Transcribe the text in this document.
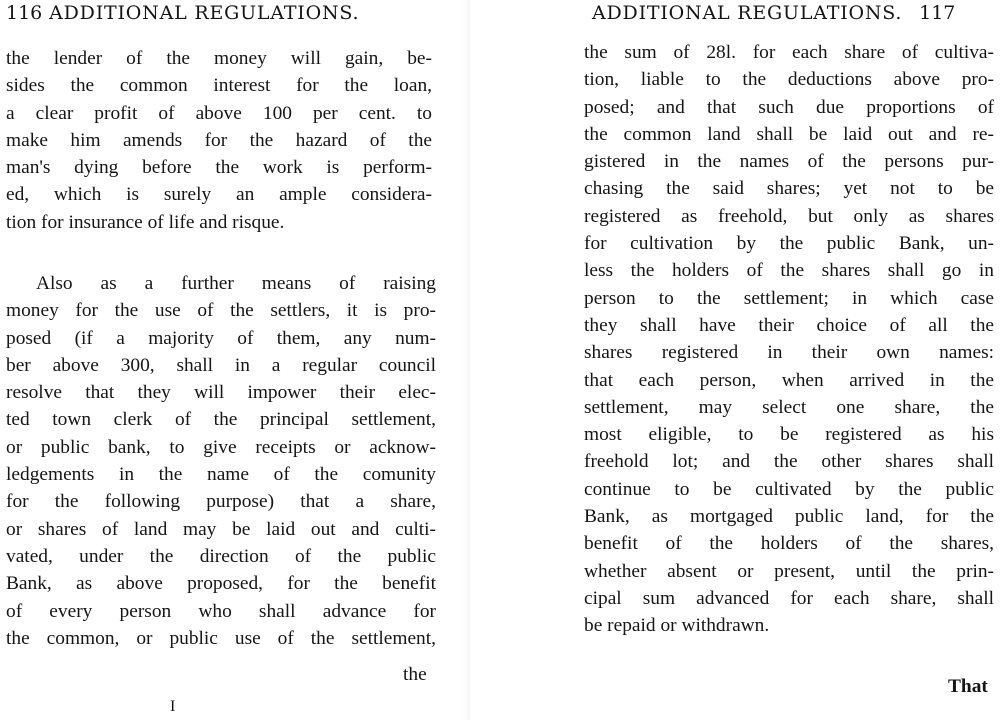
116 ADDITIONAL REGULATIONS.
the lender of the money will gain, be-
sides the common interest for the loan,
a clear profit of above 100 per cent. to
make him amends for the hazard of the
man's dying before the work is perform-
ed, which is surely an ample considera-
tion for insurance of life and risque.
Also as a further means of raising
money for the use of the settlers, it is pro-
posed (if a majority of them, any num-
ber above 300, shall in a regular council
resolve that they will impower their elec-
ted town clerk of the principal settlement,
or public bank, to give receipts or acknow-
ledgements in the name of the comunity
for the following purpose) that a share,
or shares of land may be laid out and culti-
vated, under the direction of the public
Bank, as above proposed, for the benefit
of every person who shall advance for
the common, or public use of the settlement,
the
I
ADDITIONAL REGULATIONS. 117
the sum of 28l. for each share of cultiva-
tion, liable to the deductions above pro-
posed; and that such due proportions of
the common land shall be laid out and re-
gistered in the names of the persons pur-
chasing the said shares; yet not to be
registered as freehold, but only as shares
for cultivation by the public Bank, un-
less the holders of the shares shall go in
person to the settlement; in which case
they shall have their choice of all the
shares registered in their own names:
that each person, when arrived in the
settlement, may select one share, the
most eligible, to be registered as his
freehold lot; and the other shares shall
continue to be cultivated by the public
Bank, as mortgaged public land, for the
benefit of the holders of the shares,
whether absent or present, until the prin-
cipal sum advanced for each share, shall
be repaid or withdrawn.
That
